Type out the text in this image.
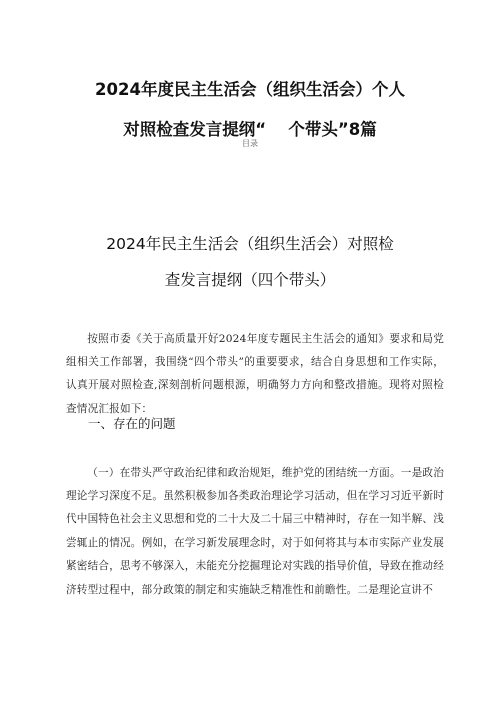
2024年度民主生活会（组织生活会）个人
对照检查发言提纲“　 个带头”8篇
目录
2024年民主生活会（组织生活会）对照检
查发言提纲（四个带头）

按照市委《关于高质量开好2024年度专题民主生活会的通知》要求和局党组相关工作部署，我围绕“四个带头”的重要要求，结合自身思想和工作实际，认真开展对照检查,深刻剖析问题根源，明确努力方向和整改措施。现将对照检查情况汇报如下：

一、存在的问题

（一）在带头严守政治纪律和政治规矩，维护党的团结统一方面。一是政治理论学习深度不足。虽然积极参加各类政治理论学习活动，但在学习习近平新时代中国特色社会主义思想和党的二十大及二十届三中精神时，存在一知半解、浅尝辄止的情况。例如，在学习新发展理念时，对于如何将其与本市实际产业发展紧密结合，思考不够深入，未能充分挖掘理论对实践的指导价值，导致在推动经济转型过程中，部分政策的制定和实施缺乏精准性和前瞻性。二是理论宣讲不
